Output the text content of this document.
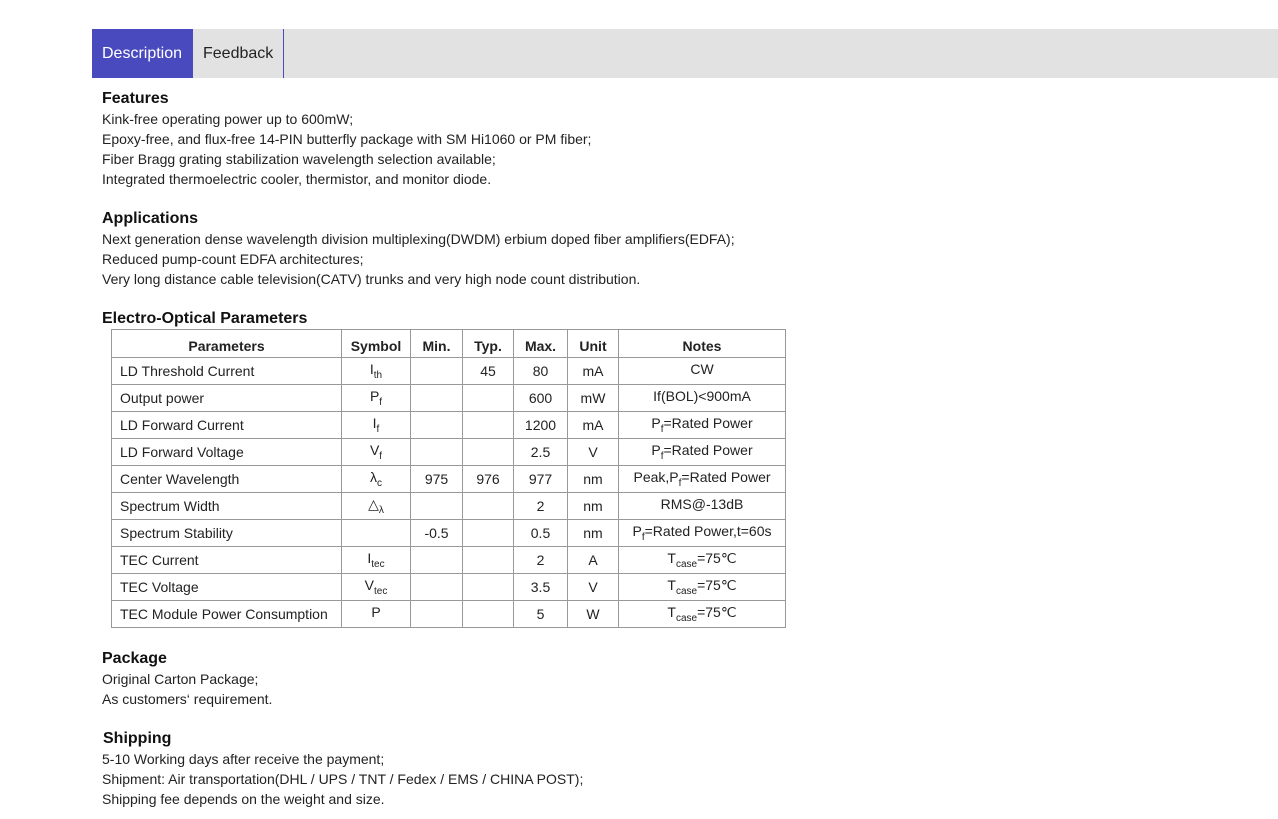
Description	Feedback
Features
Kink-free operating power up to 600mW;
Epoxy-free, and flux-free 14-PIN butterfly package with SM Hi1060 or PM fiber;
Fiber Bragg grating stabilization wavelength selection available;
Integrated thermoelectric cooler, thermistor, and monitor diode.
Applications
Next generation dense wavelength division multiplexing(DWDM) erbium doped fiber amplifiers(EDFA);
Reduced pump-count EDFA architectures;
Very long distance cable television(CATV) trunks and very high node count distribution.
Electro-Optical Parameters
Parameters	Symbol	Min.	Typ.	Max.	Unit	Notes
LD Threshold Current	$I_{th}$		45	80	mA	CW
Output power	$P_f$			600	mW	If(BOL)<900mA
LD Forward Current	$I_f$			1200	mA	$P_f=Rated$ Power
LD Forward Voltage	$V_f$			2.5	V	$P_f=Rated$ Power
Center Wavelength	$\lambda_c$	975	976	977	nm	$Peak,P_f=Rated$ Power
Spectrum Width	$\triangle_\lambda$			2	nm	RMS@-13dB
Spectrum Stability		-0.5		0.5	nm	$P_f=Rated$ Power,t=60s
TEC Current	$I_{tec}$			2	A	$T_{case}=75℃$
TEC Voltage	$V_{tec}$			3.5	V	$T_{case}=75℃$
TEC Module Power Consumption	P			5	W	$T_{case}=75℃$
Package
Original Carton Package;
As customers‘ requirement.
Shipping
5-10 Working days after receive the payment;
Shipment: Air transportation(DHL / UPS / TNT / Fedex / EMS / CHINA POST);
Shipping fee depends on the weight and size.
